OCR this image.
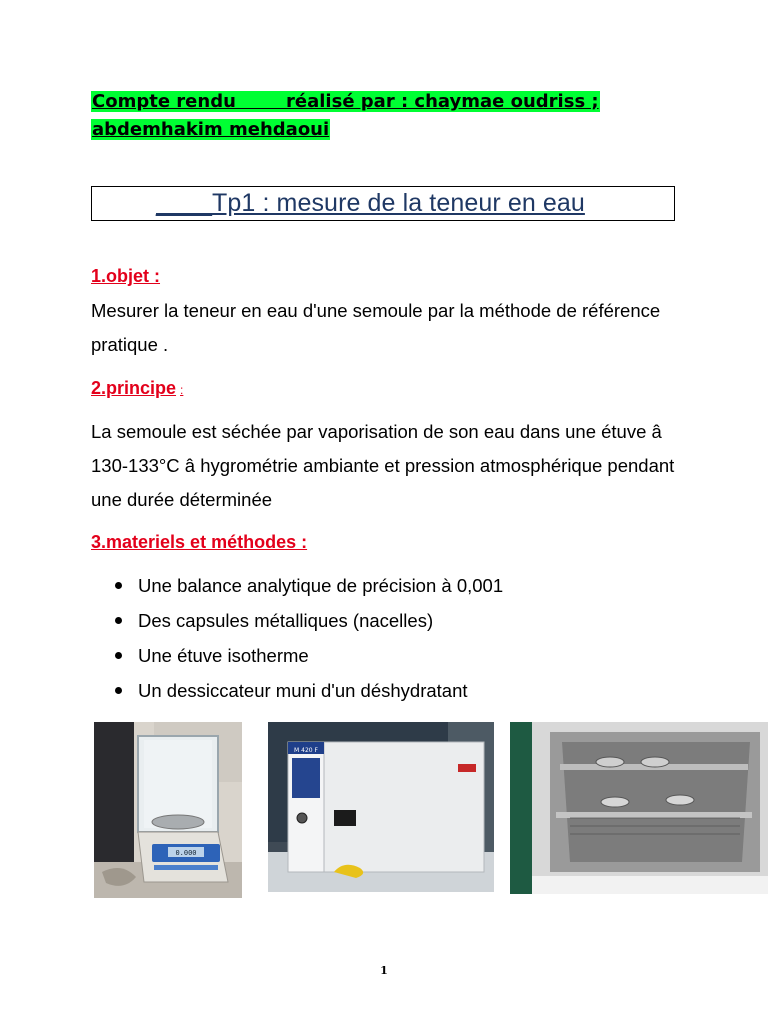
Compte rendu        réalisé par : chaymae oudriss ;
abdemhakim mehdaoui
____Tp1 : mesure de la teneur en eau
1.objet :
Mesurer la teneur en eau d'une semoule par la méthode de référence pratique .
2.principe :
La semoule est séchée par vaporisation de son eau dans une étuve â 130-133°C â hygrométrie ambiante et pression atmosphérique pendant une durée déterminée
3.materiels et méthodes :
Une balance analytique de précision à 0,001
Des capsules métalliques (nacelles)
Une étuve isotherme
Un dessiccateur muni d'un déshydratant
0.000
M 420 F
1
